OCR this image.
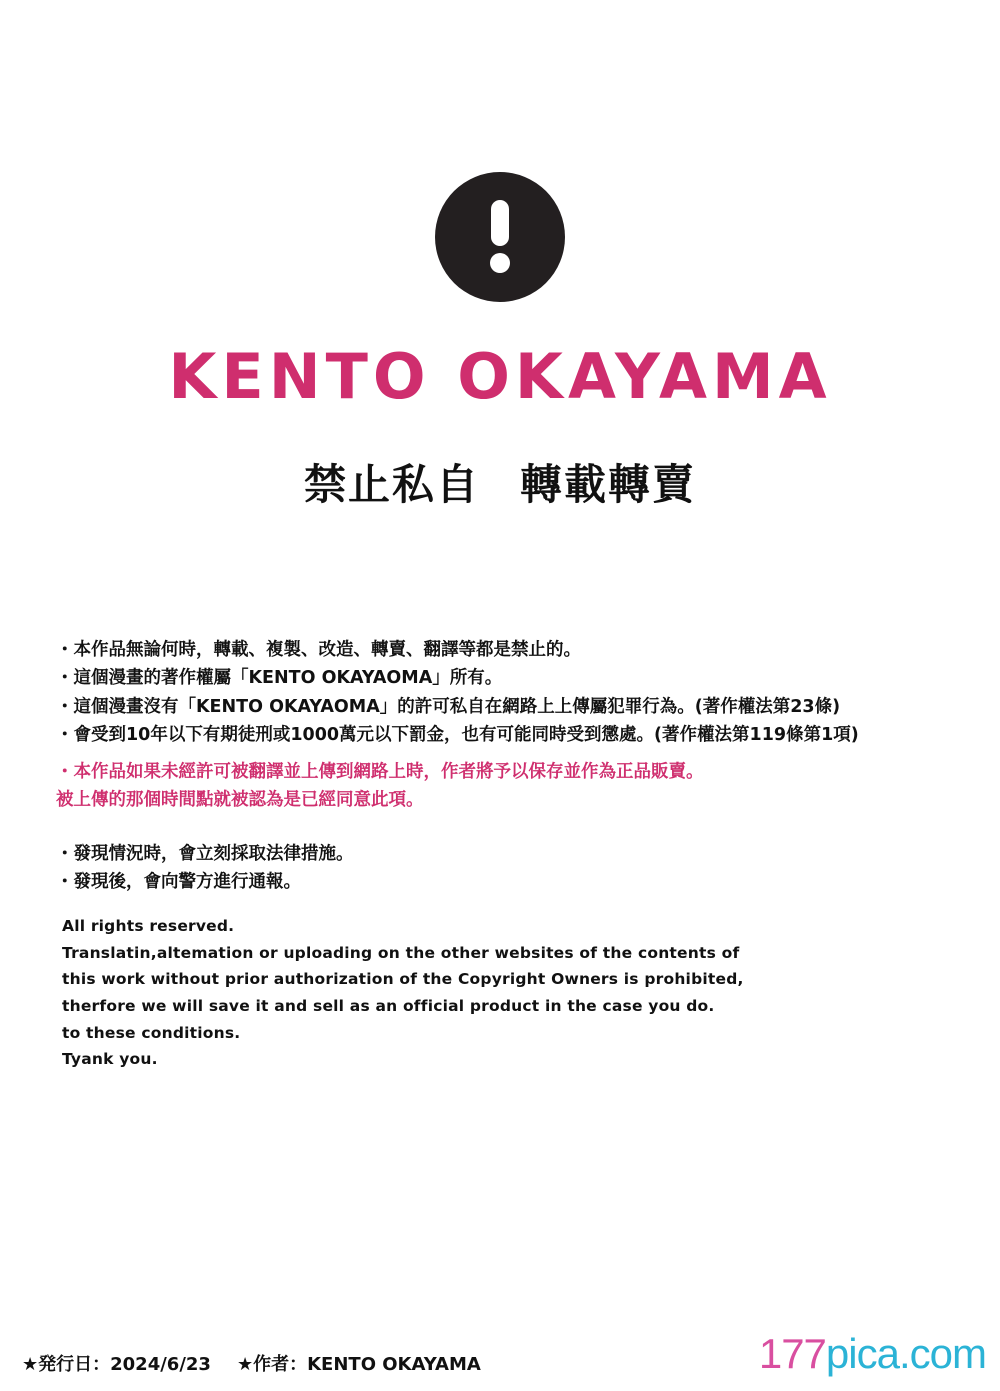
KENTO OKAYAMA
禁止私自 轉載轉賣
・本作品無論何時，轉載、複製、改造、轉賣、翻譯等都是禁止的。
・這個漫畫的著作權屬「KENTO OKAYAOMA」所有。
・這個漫畫沒有「KENTO OKAYAOMA」的許可私自在網路上上傳屬犯罪行為。(著作權法第23條)
・會受到10年以下有期徒刑或1000萬元以下罰金，也有可能同時受到懲處。(著作權法第119條第1項)
・本作品如果未經許可被翻譯並上傳到網路上時，作者將予以保存並作為正品販賣。
被上傳的那個時間點就被認為是已經同意此項。
・發現情況時，會立刻採取法律措施。
・發現後，會向警方進行通報。
All rights reserved.
Translatin,altemation or uploading on the other websites of the contents of
this work without prior authorization of the Copyright Owners is prohibited,
therfore we will save it and sell as an official product in the case you do.
to these conditions.
Tyank you.
★発行日：2024/6/23 ★作者：KENTO OKAYAMA	177pica.com
